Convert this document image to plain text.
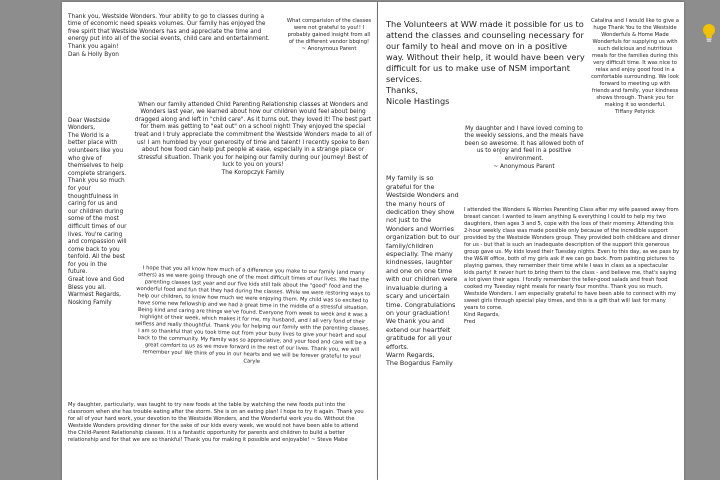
Thank you, Westside Wonders. Your ability to go to classes during a time of economic need speaks volumes. Our family has enjoyed the free spirit that Westside Wonders has and appreciate the time and energy put into all of the social events, child care and entertainment.
Thank you again!
Dan & Holly Byon

What comparision of the classes were not grateful to you!! I probably gained insight from all of the different vendor bbqing!
~ Anonymous Parent

Dear Westside Wonders,
The World is a better place with volunteers like you who give of themselves to help complete strangers. Thank you so much for your thoughtfulness in caring for us and our children during some of the most difficult times of our lives. You're caring and compassion will come back to you tenfold. All the best for you in the future.
Great love and God Bless you all.
Warmest Regards,
Nosking Family

When our family attended Child Parenting Relationship classes at Wonders and Wonders last year, we learned about how our children would feel about being dragged along and left in "child care". As it turns out, they loved it! The best part for them was getting to "eat out" on a school night! They enjoyed the special treat and I truly appreciate the commitment the Westside Wonders made to all of us! I am humbled by your generosity of time and talent! I recently spoke to Ben about how food can help put people at ease, especially in a strange place or stressful situation. Thank you for helping our family during our journey! Best of luck to you on yours!
The Koropczyk Family

I hope that you all know how much of a difference you make to our family (and many others) as we were going through one of the most difficult times of our lives. We had the parenting classes last year and our five kids still talk about the "good" food and the wonderful food and fun that they had during the classes. While we were restoring ways to help our children, to know how much we were enjoying them. My child was so excited to have some new fellowship and we had a great time in the middle of a stressful situation. Being kind and caring are things we've found. Everyone from week to week and it was a highlight of their week, which makes it for me, my husband, and I all very fond of their selfless and really thoughtful. Thank you for helping our family with the parenting classes. I am so thankful that you took time out from your busy lives to give your heart and soul back to the community. My Family was so appreciative, and your food and care will be a great comfort to us as we move forward in the rest of our lives. Thank you, we will remember you! We think of you in our hearts and we will be forever grateful to you!
Caryle

My daughter, particularly, was taught to try new foods at the table by watching the new foods put into the classroom when she has trouble eating after the storm. She is on an eating plan! I hope to try it again. Thank you for all of your hard work, your devotion to the Westside Wonders, and the Wonderful work you do. Without the Westside Wonders providing dinner for the sake of our kids every week, we would not have been able to attend the Child-Parent Relationship classes. It is a fantastic opportunity for parents and children to build a better relationship and for that we are so thankful! Thank you for making it possible and enjoyable! ~ Steve Mabe

The Volunteers at WW made it possible for us to attend the classes and counseling necessary for our family to heal and move on in a positive way. Without their help, it would have been very difficult for us to make use of NSM important services.
Thanks,
Nicole Hastings

Catalina and I would like to give a huge Thank You to the Westside Wonderfuls & Home Made Wonderfuls for supplying us with such delicious and nutritious meals for the families during this very difficult time. It was nice to relax and enjoy good food in a comfortable surrounding. We look forward to meeting up with friends and family, your kindness shows through. Thank you for making it so wonderful.
Tiffany Petyrick

My daughter and I have loved coming to the weekly sessions, and the meals have been so awesome. It has allowed both of us to enjoy and feel in a positive environment.
~ Anonymous Parent

My family is so grateful for the Westside Wonders and the many hours of dedication they show not just to the Wonders and Worries organization but to our family/children especially. The many kindnesses, laughter and one on one time with our children were invaluable during a scary and uncertain time. Congratulations on your graduation! We thank you and extend our heartfelt gratitude for all your efforts.
Warm Regards,
The Bogardus Family

I attended the Wonders & Worries Parenting Class after my wife passed away from breast cancer. I wanted to learn anything & everything I could to help my two daughters, then ages 3 and 5, cope with the loss of their mommy. Attending this 2-hour weekly class was made possible only because of the incredible support provided by the Westside Wonders group. They provided both childcare and dinner for us - but that is such an inadequate description of the support this generous group gave us. My kids loved their Tuesday nights. Even to this day, as we pass by the W&W office, both of my girls ask if we can go back. From painting pictures to playing games, they remember their time while I was in class as a spectacular kids party! It never hurt to bring them to the class - and believe me, that's saying a lot given their ages. I fondly remember the teller-good salads and fresh food cooked my Tuesday night meals for nearly four months. Thank you so much, Westside Wonders. I am especially grateful to have been able to connect with my sweet girls through special play times, and this is a gift that will last for many years to come.
Kind Regards,
Fred
